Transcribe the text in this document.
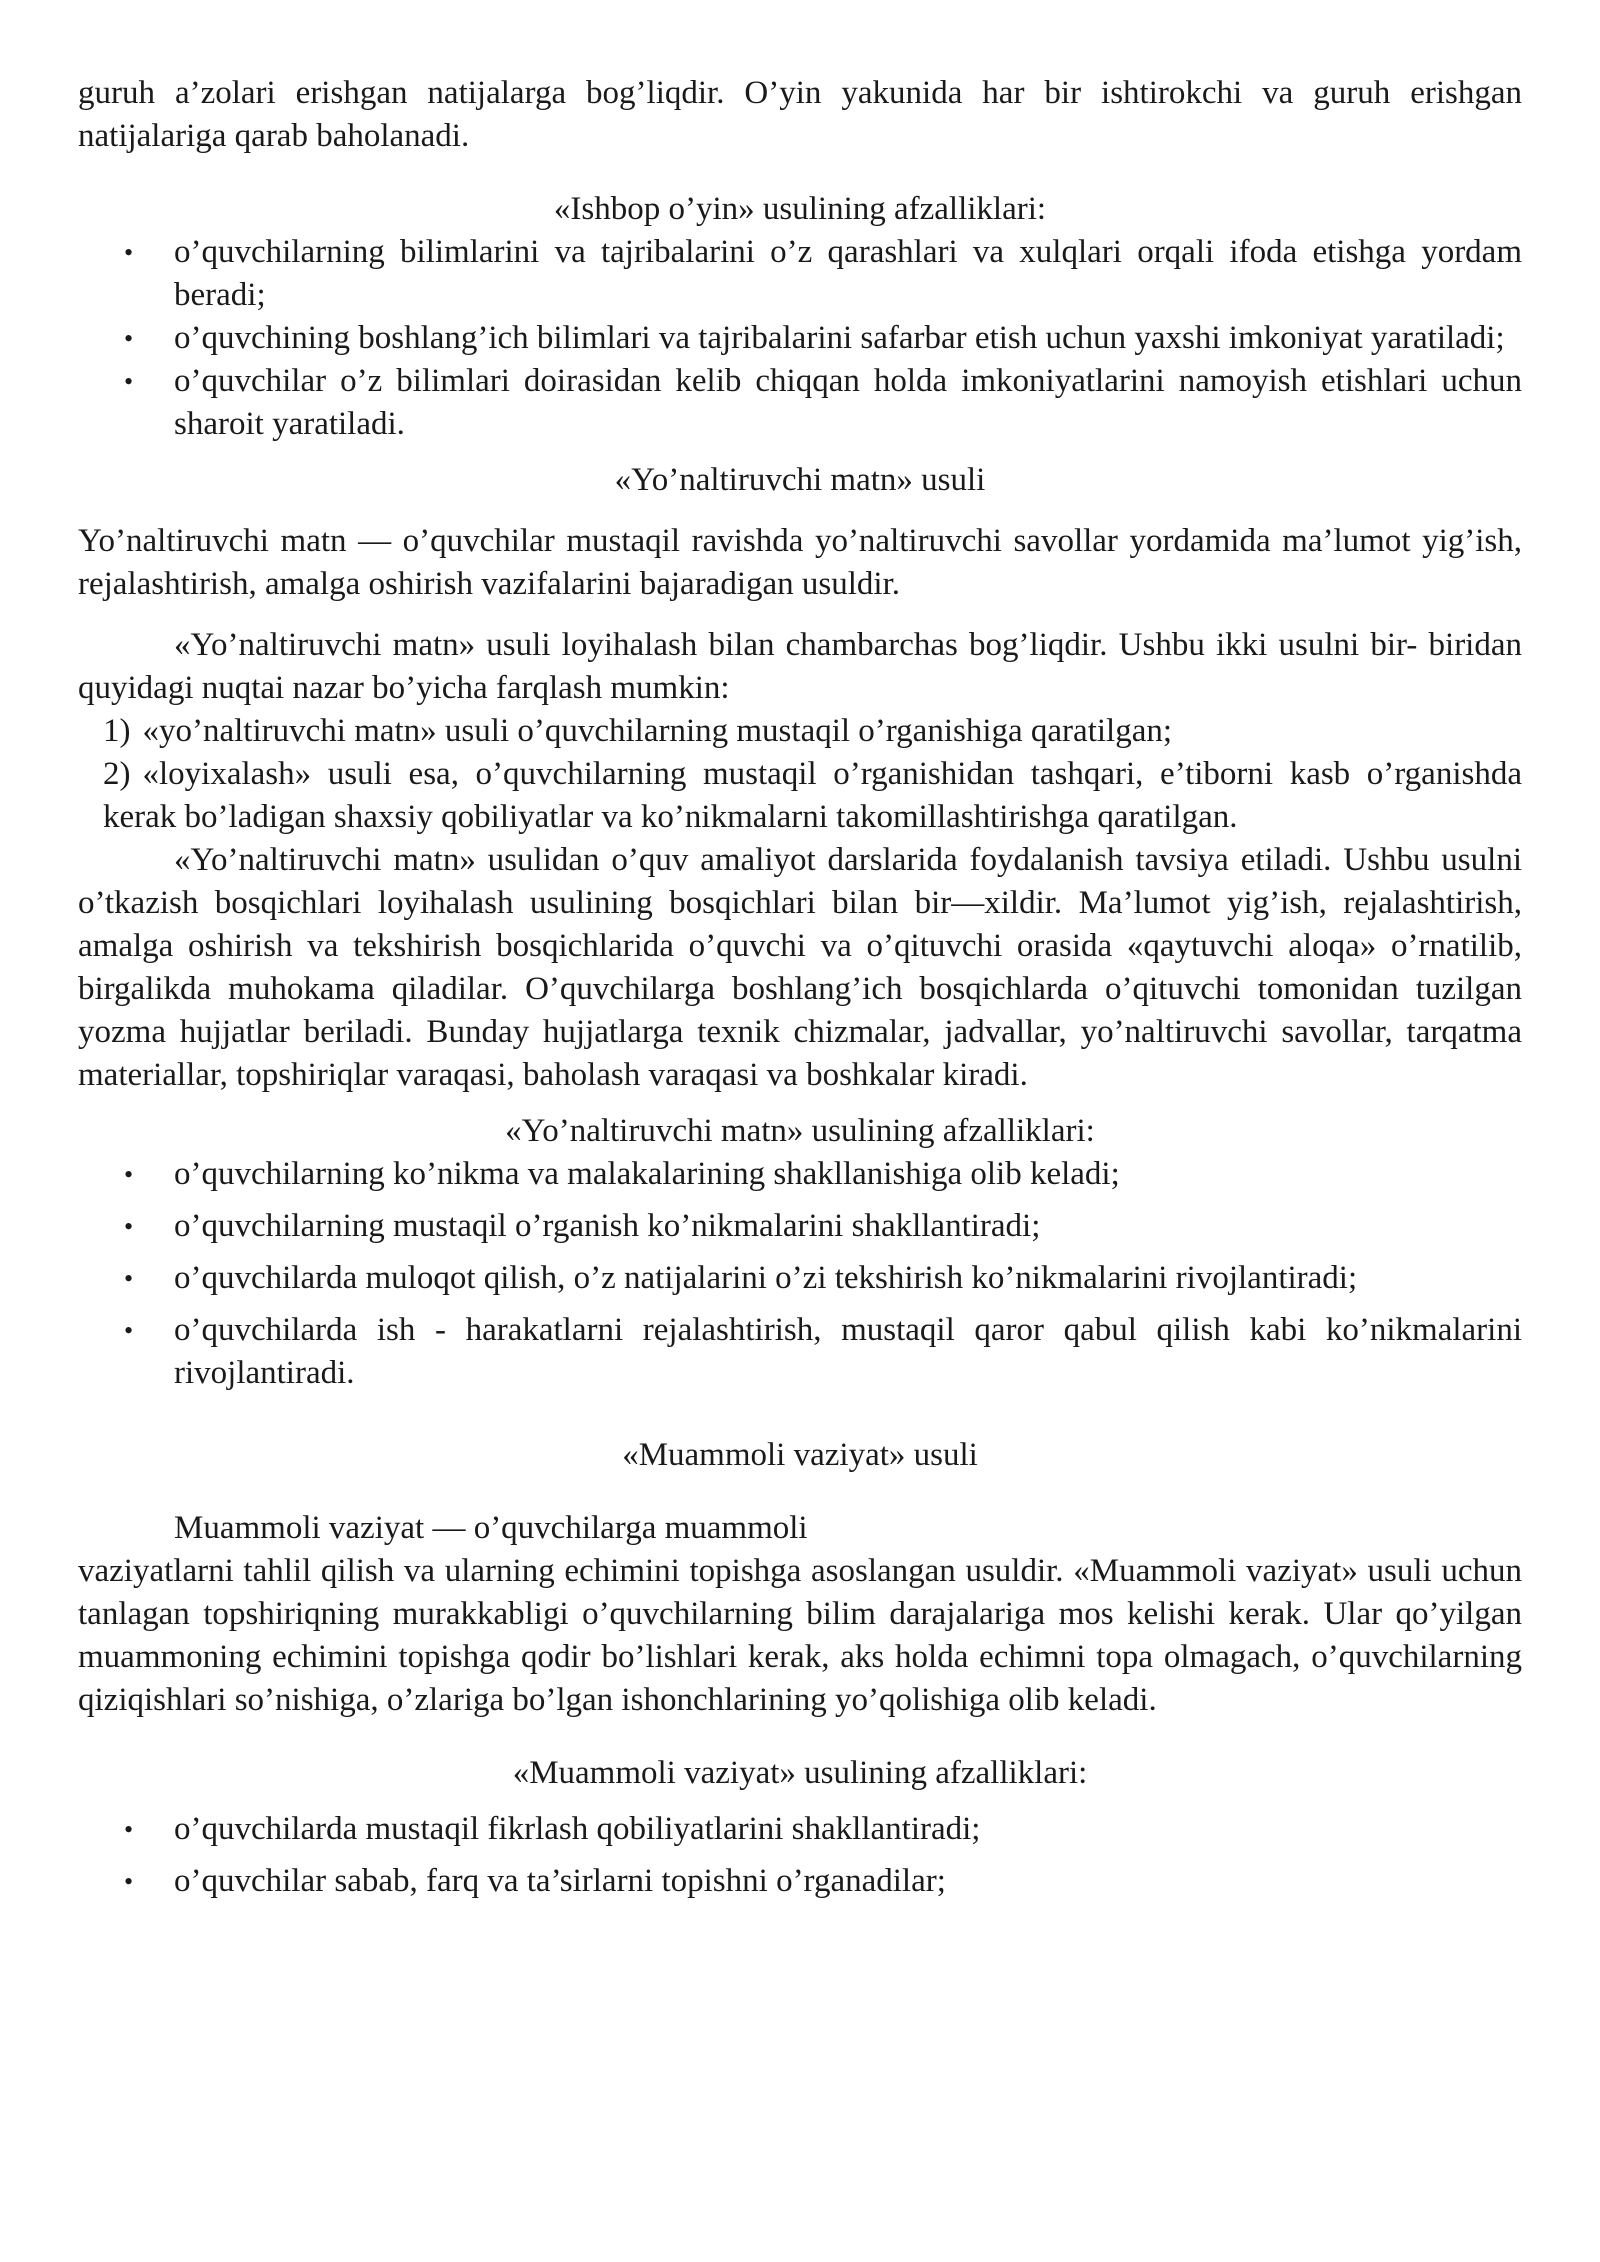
guruh a’zolari erishgan natijalarga bog’liqdir. O’yin yakunida har bir ishtirokchi va guruh erishgan natijalariga qarab baholanadi.

«Ishbop o’yin» usulining afzalliklari:

• o’quvchilarning bilimlarini va tajribalarini o’z qarashlari va xulqlari orqali ifoda etishga yordam beradi;
• o’quvchining boshlang’ich bilimlari va tajribalarini safarbar etish uchun yaxshi imkoniyat yaratiladi;
• o’quvchilar o’z bilimlari doirasidan kelib chiqqan holda imkoniyatlarini namoyish etishlari uchun sharoit yaratiladi.

«Yo’naltiruvchi matn» usuli

Yo’naltiruvchi matn — o’quvchilar mustaqil ravishda yo’naltiruvchi savollar yordamida ma’lumot yig’ish, rejalashtirish, amalga oshirish vazifalarini bajaradigan usuldir.

«Yo’naltiruvchi matn» usuli loyihalash bilan chambarchas bog’liqdir. Ushbu ikki usulni bir- biridan quyidagi nuqtai nazar bo’yicha farqlash mumkin:

1) «yo’naltiruvchi matn» usuli o’quvchilarning mustaqil o’rganishiga qaratilgan;
2) «loyixalash» usuli esa, o’quvchilarning mustaqil o’rganishidan tashqari, e’tiborni kasb o’rganishda kerak bo’ladigan shaxsiy qobiliyatlar va ko’nikmalarni takomillashtirishga qaratilgan.

«Yo’naltiruvchi matn» usulidan o’quv amaliyot darslarida foydalanish tavsiya etiladi. Ushbu usulni o’tkazish bosqichlari loyihalash usulining bosqichlari bilan bir—xildir. Ma’lumot yig’ish, rejalashtirish, amalga oshirish va tekshirish bosqichlarida o’quvchi va o’qituvchi orasida «qaytuvchi aloqa» o’rnatilib, birgalikda muhokama qiladilar. O’quvchilarga boshlang’ich bosqichlarda o’qituvchi tomonidan tuzilgan yozma hujjatlar beriladi. Bunday hujjatlarga texnik chizmalar, jadvallar, yo’naltiruvchi savollar, tarqatma materiallar, topshiriqlar varaqasi, baholash varaqasi va boshkalar kiradi.

«Yo’naltiruvchi matn» usulining afzalliklari:

• o’quvchilarning ko’nikma va malakalarining shakllanishiga olib keladi;
• o’quvchilarning mustaqil o’rganish ko’nikmalarini shakllantiradi;
• o’quvchilarda muloqot qilish, o’z natijalarini o’zi tekshirish ko’nikmalarini rivojlantiradi;
• o’quvchilarda ish - harakatlarni rejalashtirish, mustaqil qaror qabul qilish kabi ko’nikmalarini rivojlantiradi.

«Muammoli vaziyat» usuli

Muammoli vaziyat — o’quvchilarga muammoli

vaziyatlarni tahlil qilish va ularning echimini topishga asoslangan usuldir. «Muammoli vaziyat» usuli uchun tanlagan topshiriqning murakkabligi o’quvchilarning bilim darajalariga mos kelishi kerak. Ular qo’yilgan muammoning echimini topishga qodir bo’lishlari kerak, aks holda echimni topa olmagach, o’quvchilarning qiziqishlari so’nishiga, o’zlariga bo’lgan ishonchlarining yo’qolishiga olib keladi.

«Muammoli vaziyat» usulining afzalliklari:

• o’quvchilarda mustaqil fikrlash qobiliyatlarini shakllantiradi;
• o’quvchilar sabab, farq va ta’sirlarni topishni o’rganadilar;
